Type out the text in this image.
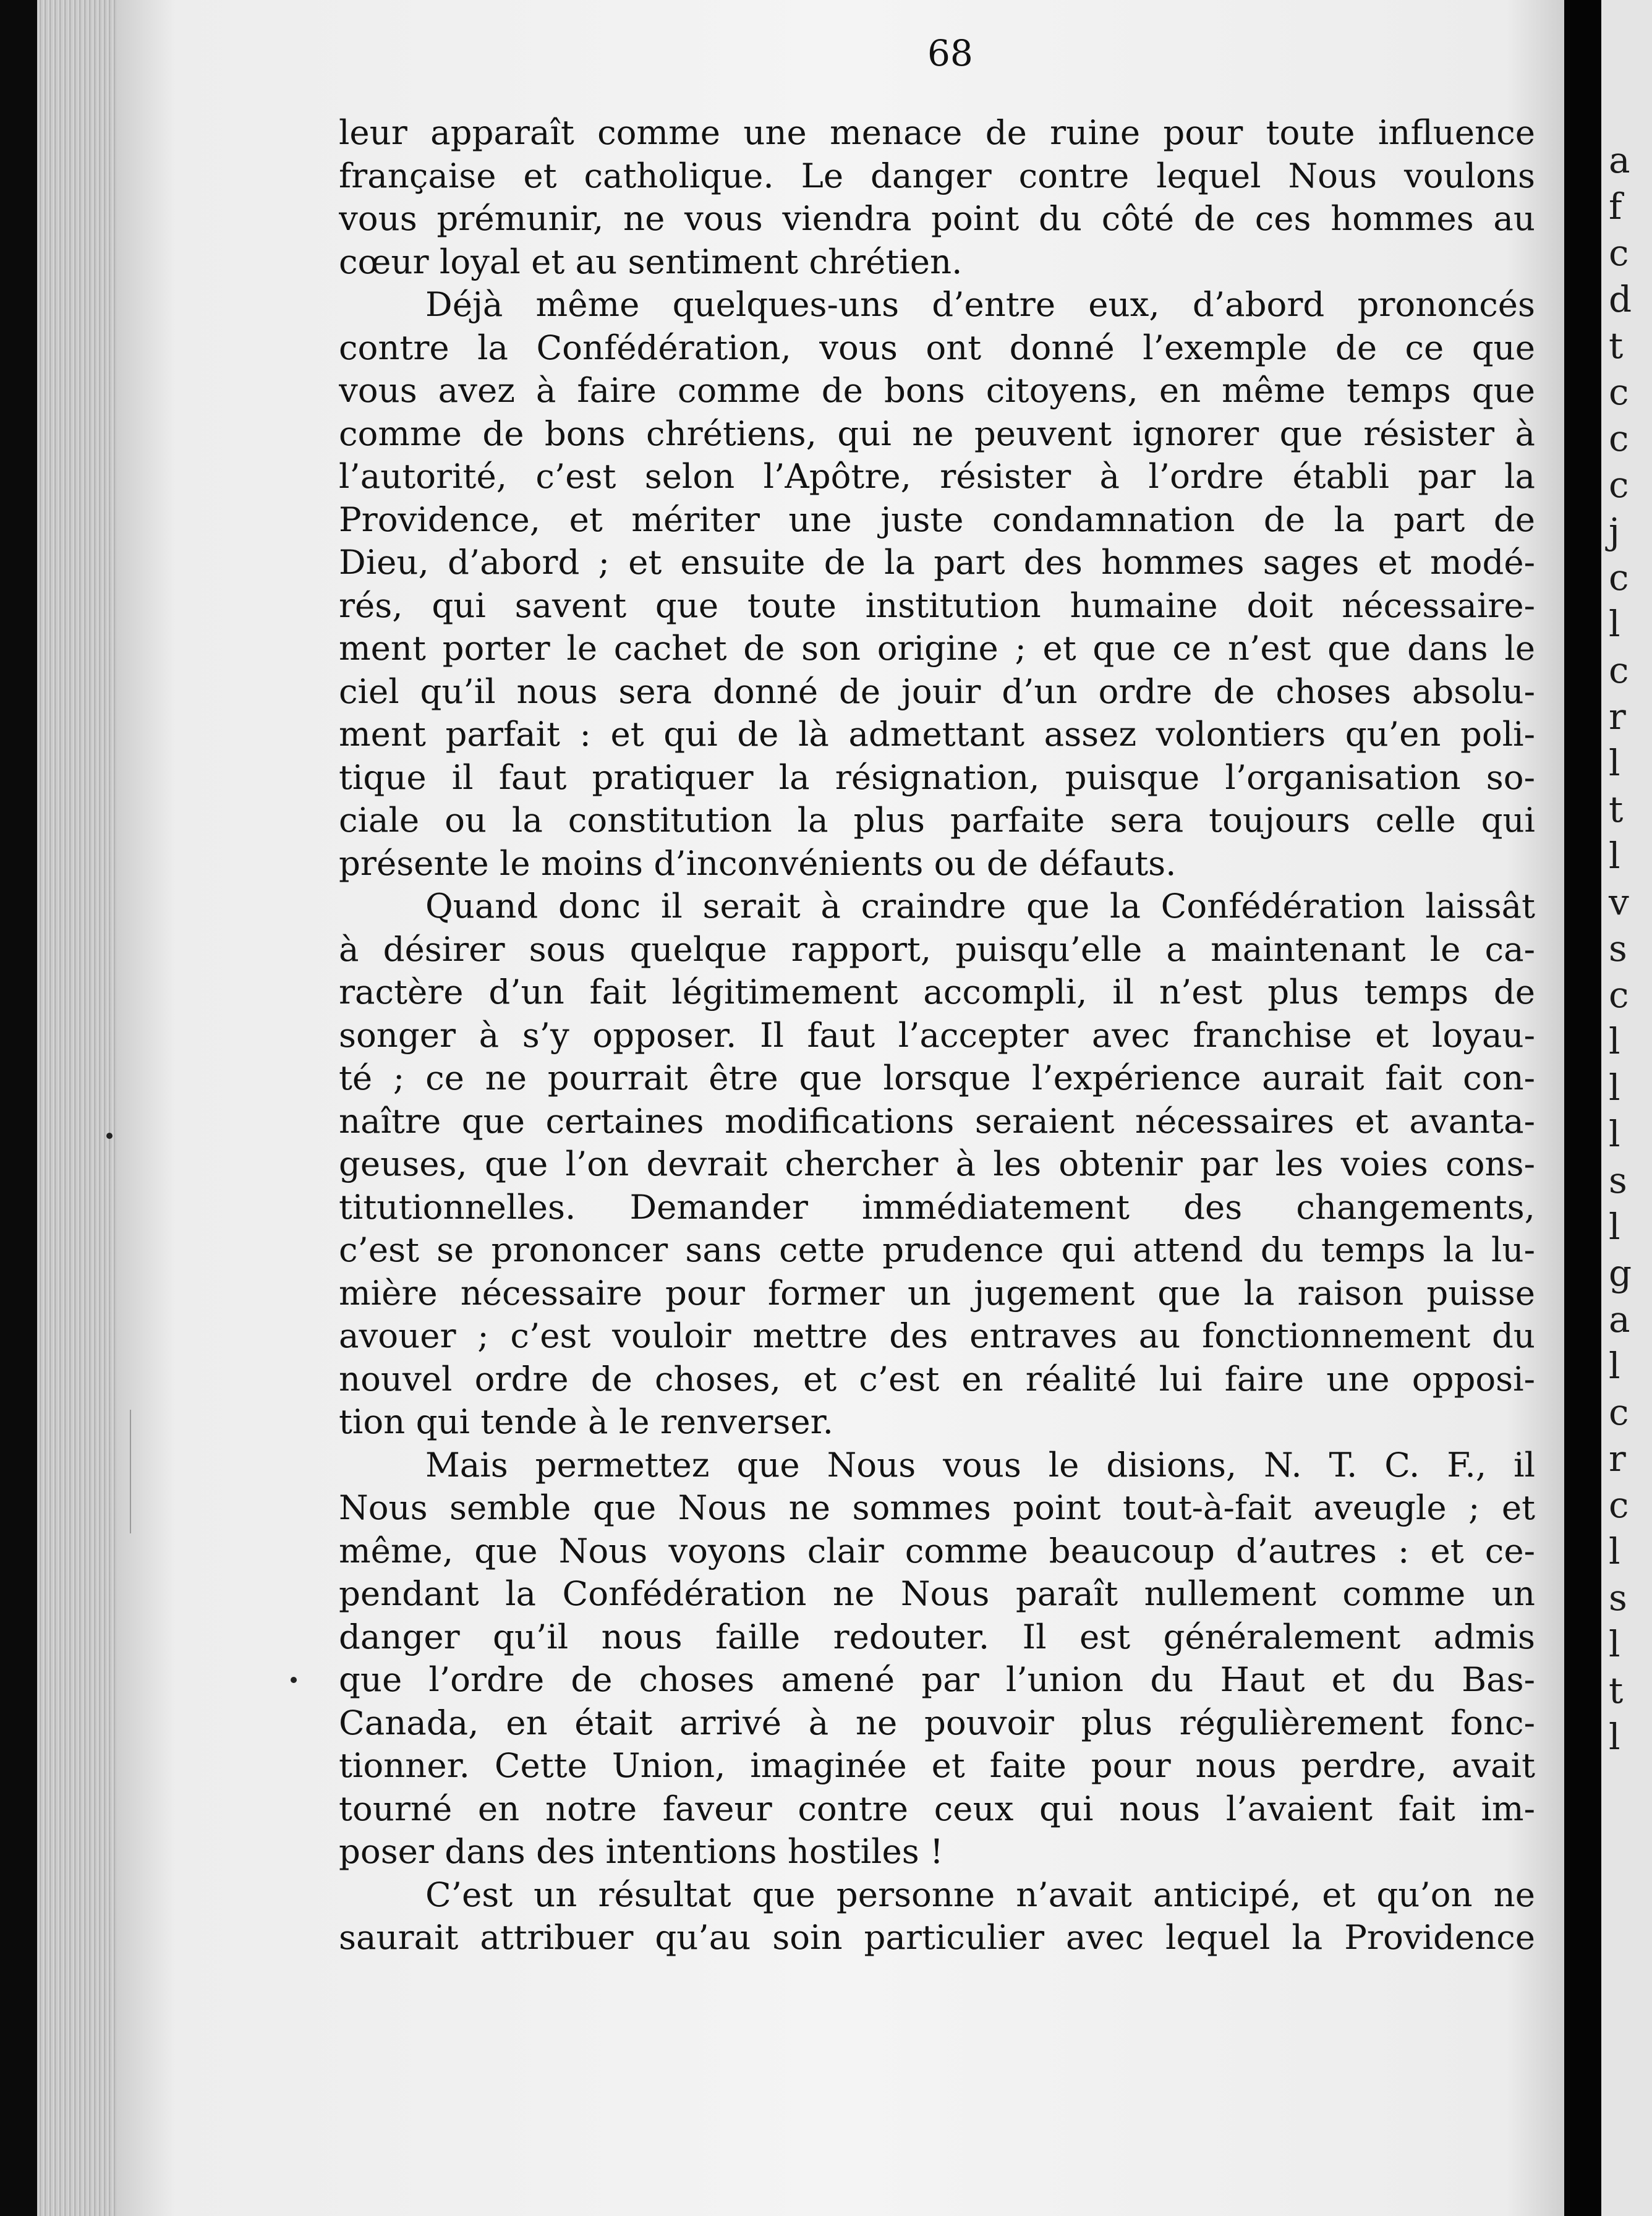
68
leur apparaît comme une menace de ruine pour toute influence
française et catholique. Le danger contre lequel Nous voulons
vous prémunir, ne vous viendra point du côté de ces hommes au
cœur loyal et au sentiment chrétien.
Déjà même quelques-uns d’entre eux, d’abord prononcés
contre la Confédération, vous ont donné l’exemple de ce que
vous avez à faire comme de bons citoyens, en même temps que
comme de bons chrétiens, qui ne peuvent ignorer que résister à
l’autorité, c’est selon l’Apôtre, résister à l’ordre établi par la
Providence, et mériter une juste condamnation de la part de
Dieu, d’abord ; et ensuite de la part des hommes sages et modé-
rés, qui savent que toute institution humaine doit nécessaire-
ment porter le cachet de son origine ; et que ce n’est que dans le
ciel qu’il nous sera donné de jouir d’un ordre de choses absolu-
ment parfait : et qui de là admettant assez volontiers qu’en poli-
tique il faut pratiquer la résignation, puisque l’organisation so-
ciale ou la constitution la plus parfaite sera toujours celle qui
présente le moins d’inconvénients ou de défauts.
Quand donc il serait à craindre que la Confédération laissât
à désirer sous quelque rapport, puisqu’elle a maintenant le ca-
ractère d’un fait légitimement accompli, il n’est plus temps de
songer à s’y opposer. Il faut l’accepter avec franchise et loyau-
té ; ce ne pourrait être que lorsque l’expérience aurait fait con-
naître que certaines modifications seraient nécessaires et avanta-
geuses, que l’on devrait chercher à les obtenir par les voies cons-
titutionnelles. Demander immédiatement des changements,
c’est se prononcer sans cette prudence qui attend du temps la lu-
mière nécessaire pour former un jugement que la raison puisse
avouer ; c’est vouloir mettre des entraves au fonctionnement du
nouvel ordre de choses, et c’est en réalité lui faire une opposi-
tion qui tende à le renverser.
Mais permettez que Nous vous le disions, N. T. C. F., il
Nous semble que Nous ne sommes point tout-à-fait aveugle ; et
même, que Nous voyons clair comme beaucoup d’autres : et ce-
pendant la Confédération ne Nous paraît nullement comme un
danger qu’il nous faille redouter. Il est généralement admis
que l’ordre de choses amené par l’union du Haut et du Bas-
Canada, en était arrivé à ne pouvoir plus régulièrement fonc-
tionner. Cette Union, imaginée et faite pour nous perdre, avait
tourné en notre faveur contre ceux qui nous l’avaient fait im-
poser dans des intentions hostiles !
C’est un résultat que personne n’avait anticipé, et qu’on ne
saurait attribuer qu’au soin particulier avec lequel la Providence
a
f
c
d
t
c
c
c
j
c
l
c
r
l
t
l
v
s
c
l
l
l
s
l
g
a
l
c
r
c
l
s
l
t
l
